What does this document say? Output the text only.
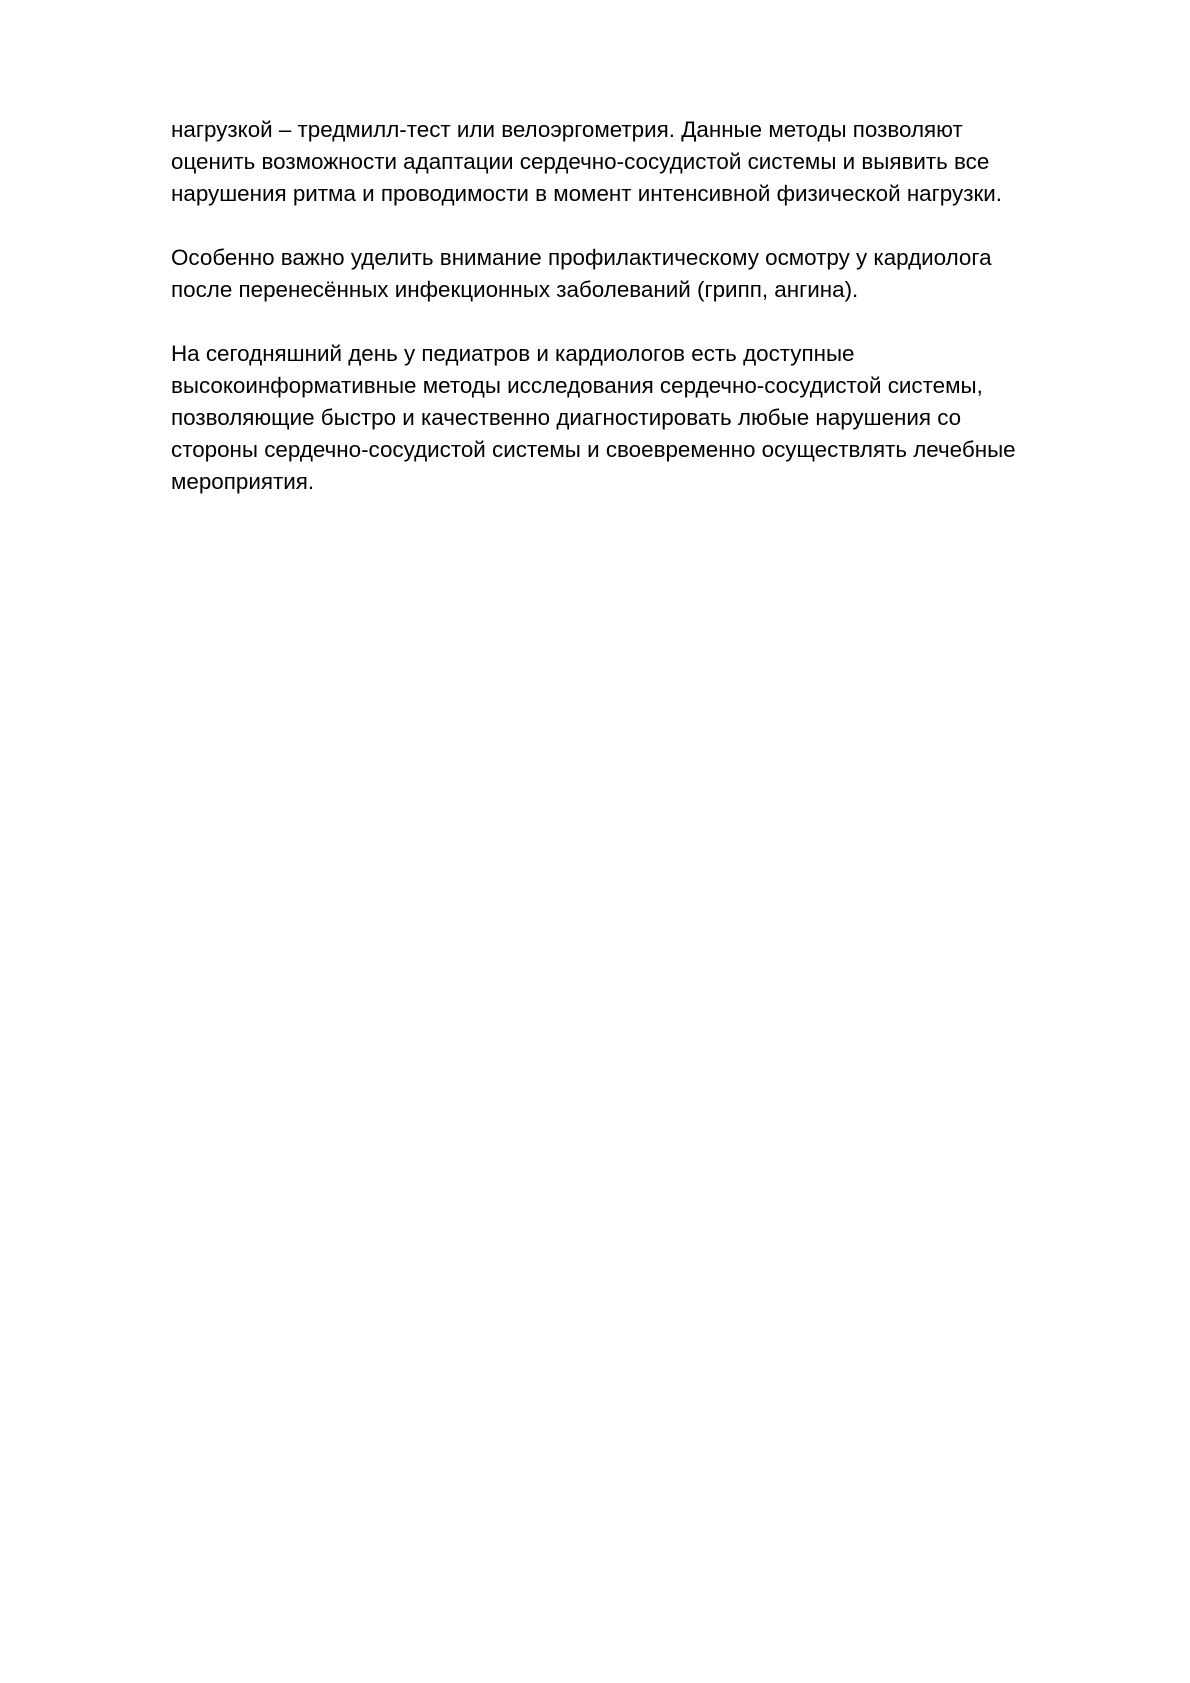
нагрузкой – тредмилл-тест или велоэргометрия. Данные методы позволяют
оценить возможности адаптации сердечно-сосудистой системы и выявить все
нарушения ритма и проводимости в момент интенсивной физической нагрузки.

Особенно важно уделить внимание профилактическому осмотру у кардиолога
после перенесённых инфекционных заболеваний (грипп, ангина).

На сегодняшний день у педиатров и кардиологов есть доступные
высокоинформативные методы исследования сердечно-сосудистой системы,
позволяющие быстро и качественно диагностировать любые нарушения со
стороны сердечно-сосудистой системы и своевременно осуществлять лечебные
мероприятия.
